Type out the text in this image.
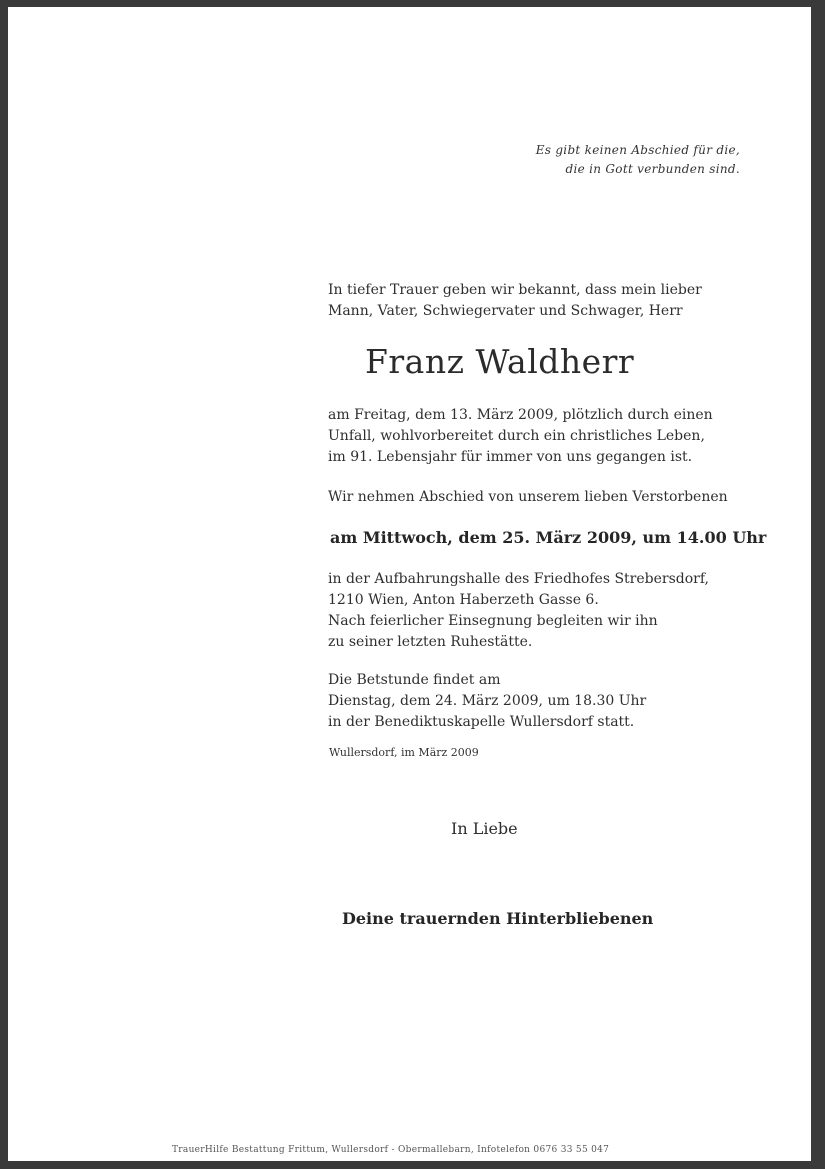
Es gibt keinen Abschied für die,
die in Gott verbunden sind.
In tiefer Trauer geben wir bekannt, dass mein lieber
Mann, Vater, Schwiegervater und Schwager, Herr
Franz Waldherr
am Freitag, dem 13. März 2009, plötzlich durch einen
Unfall, wohlvorbereitet durch ein christliches Leben,
im 91. Lebensjahr für immer von uns gegangen ist.
Wir nehmen Abschied von unserem lieben Verstorbenen
am Mittwoch, dem 25. März 2009, um 14.00 Uhr
in der Aufbahrungshalle des Friedhofes Strebersdorf,
1210 Wien, Anton Haberzeth Gasse 6.
Nach feierlicher Einsegnung begleiten wir ihn
zu seiner letzten Ruhestätte.
Die Betstunde findet am
Dienstag, dem 24. März 2009, um 18.30 Uhr
in der Benediktuskapelle Wullersdorf statt.
Wullersdorf, im März 2009
In Liebe
Deine trauernden Hinterbliebenen
TrauerHilfe Bestattung Frittum, Wullersdorf - Obermallebarn, Infotelefon 0676 33 55 047
